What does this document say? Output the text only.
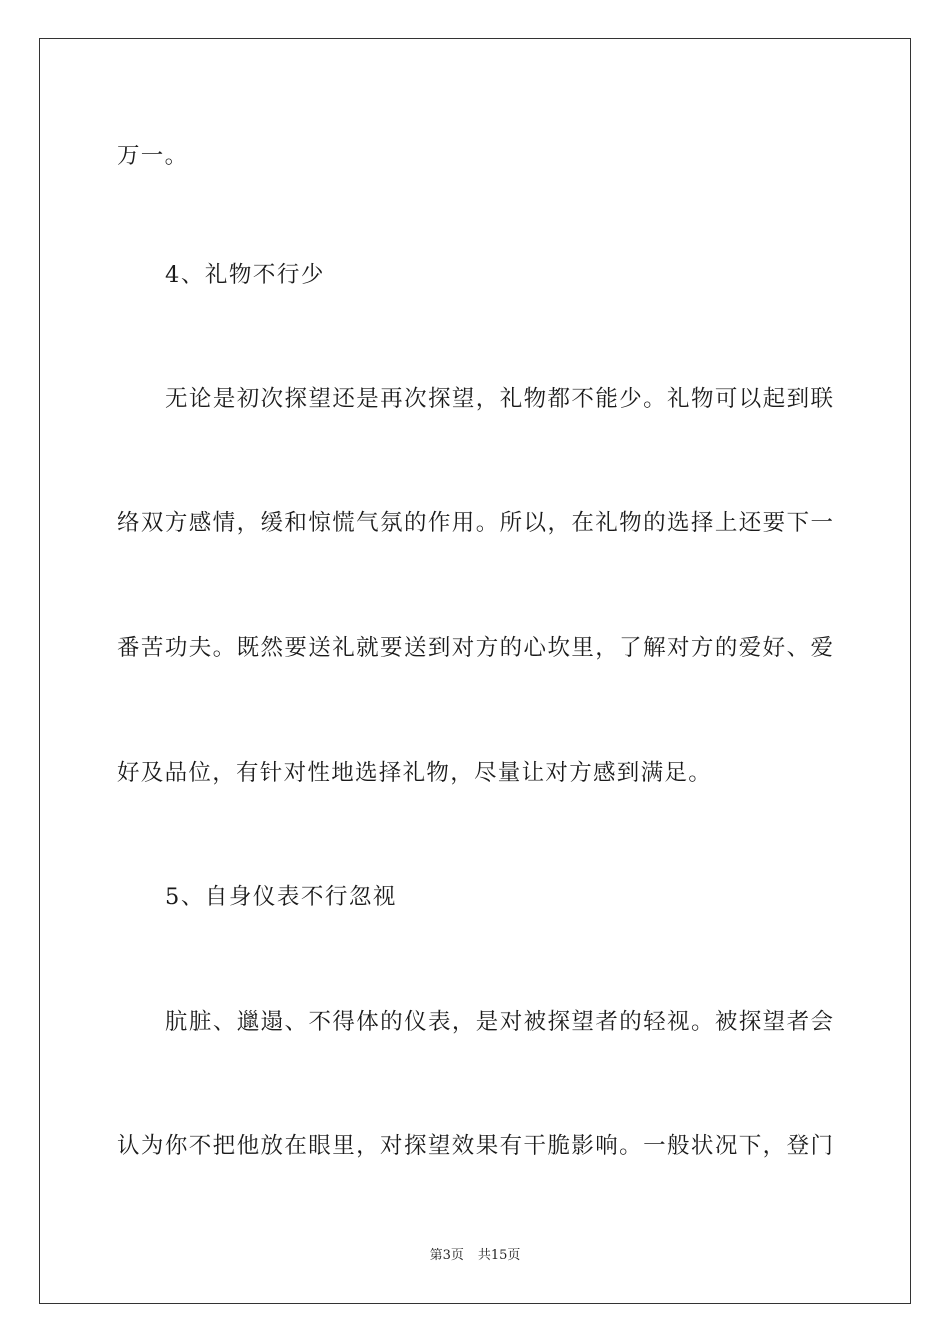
万一。
4、礼物不行少
无论是初次探望还是再次探望，礼物都不能少。礼物可以起到联
络双方感情，缓和惊慌气氛的作用。所以，在礼物的选择上还要下一
番苦功夫。既然要送礼就要送到对方的心坎里，了解对方的爱好、爱
好及品位，有针对性地选择礼物，尽量让对方感到满足。
5、自身仪表不行忽视
肮脏、邋遢、不得体的仪表，是对被探望者的轻视。被探望者会
认为你不把他放在眼里，对探望效果有干脆影响。一般状况下，登门
第3页 共15页
